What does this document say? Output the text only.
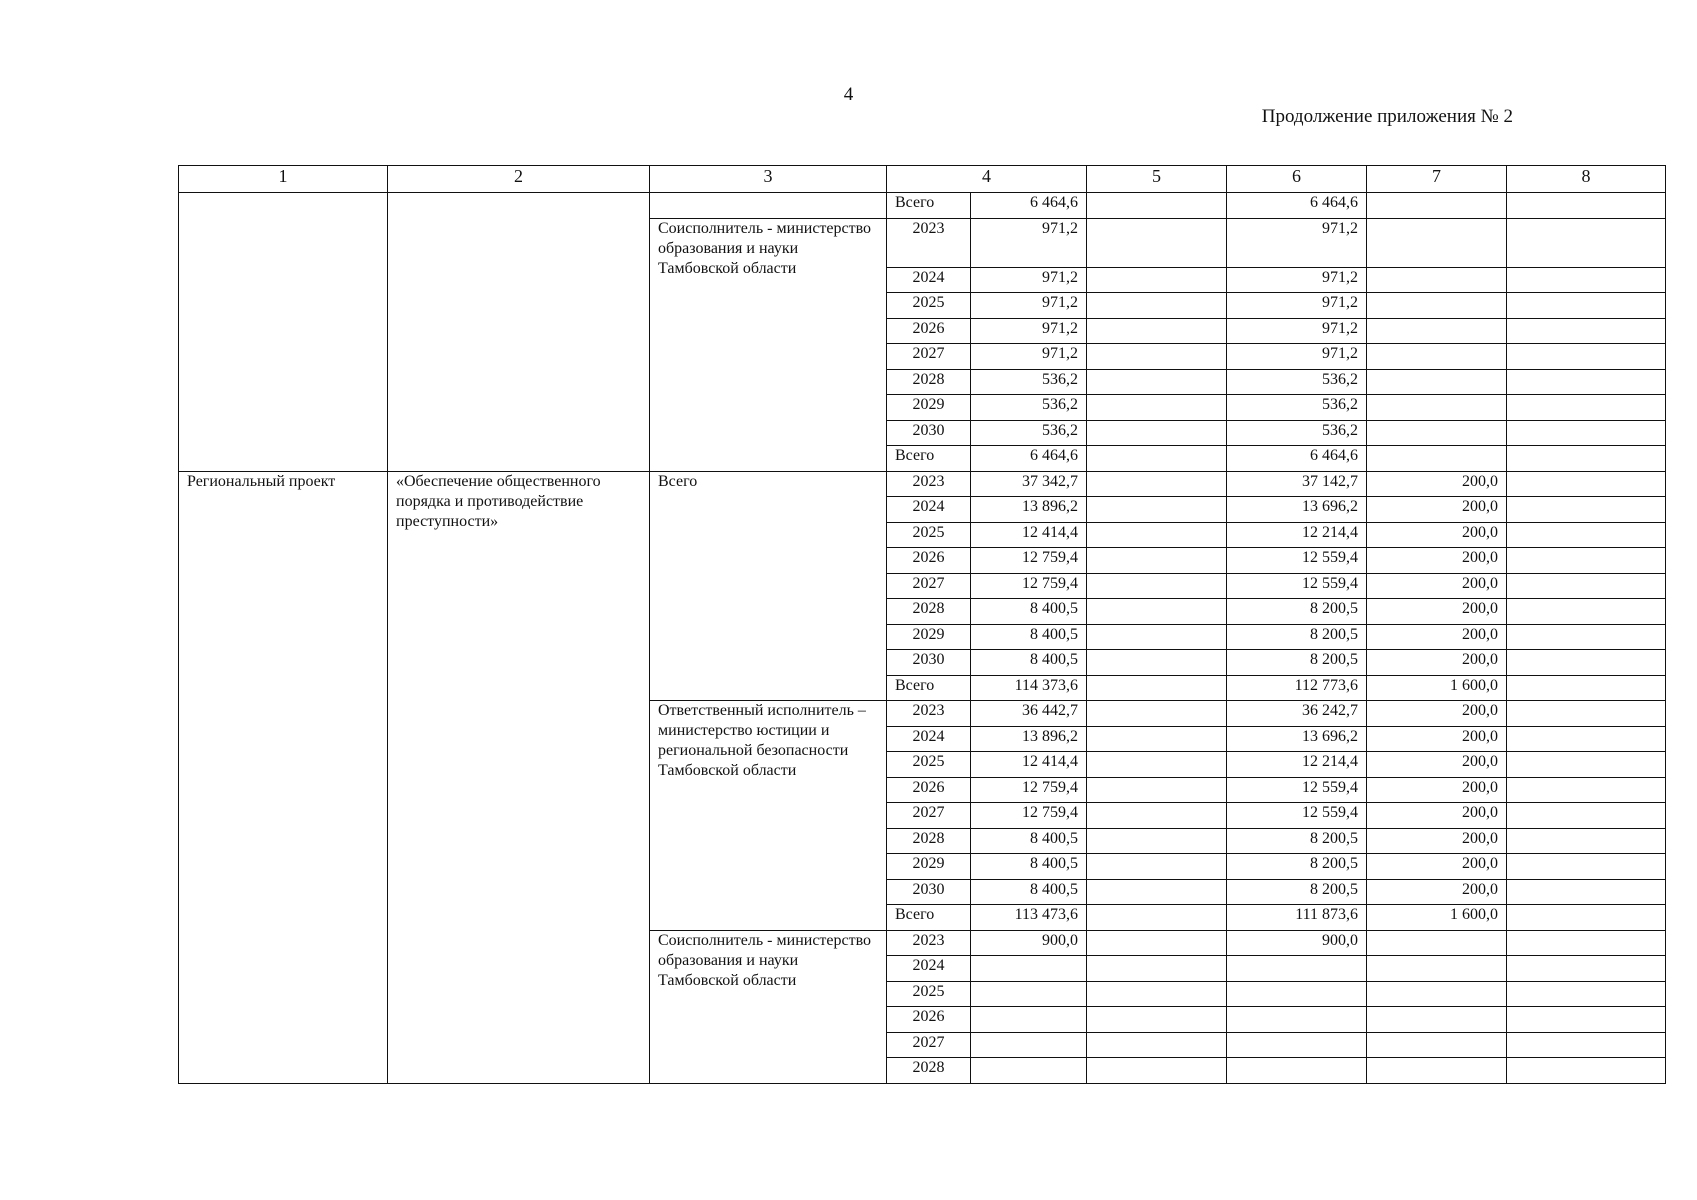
4
Продолжение приложения № 2
1	2	3	4		5	6	7	8
			Всего	6 464,6		6 464,6		
		Соисполнитель - министерство образования и науки Тамбовской области	2023	971,2		971,2		
			2024	971,2		971,2		
			2025	971,2		971,2		
			2026	971,2		971,2		
			2027	971,2		971,2		
			2028	536,2		536,2		
			2029	536,2		536,2		
			2030	536,2		536,2		
			Всего	6 464,6		6 464,6		
Региональный проект	«Обеспечение общественного порядка и противодействие преступности»	Всего	2023	37 342,7		37 142,7	200,0	
			2024	13 896,2		13 696,2	200,0	
			2025	12 414,4		12 214,4	200,0	
			2026	12 759,4		12 559,4	200,0	
			2027	12 759,4		12 559,4	200,0	
			2028	8 400,5		8 200,5	200,0	
			2029	8 400,5		8 200,5	200,0	
			2030	8 400,5		8 200,5	200,0	
			Всего	114 373,6		112 773,6	1 600,0	
		Ответственный исполнитель – министерство юстиции и региональной безопасности Тамбовской области	2023	36 442,7		36 242,7	200,0	
			2024	13 896,2		13 696,2	200,0	
			2025	12 414,4		12 214,4	200,0	
			2026	12 759,4		12 559,4	200,0	
			2027	12 759,4		12 559,4	200,0	
			2028	8 400,5		8 200,5	200,0	
			2029	8 400,5		8 200,5	200,0	
			2030	8 400,5		8 200,5	200,0	
			Всего	113 473,6		111 873,6	1 600,0	
		Соисполнитель - министерство образования и науки Тамбовской области	2023	900,0		900,0		
			2024					
			2025					
			2026					
			2027					
			2028					
